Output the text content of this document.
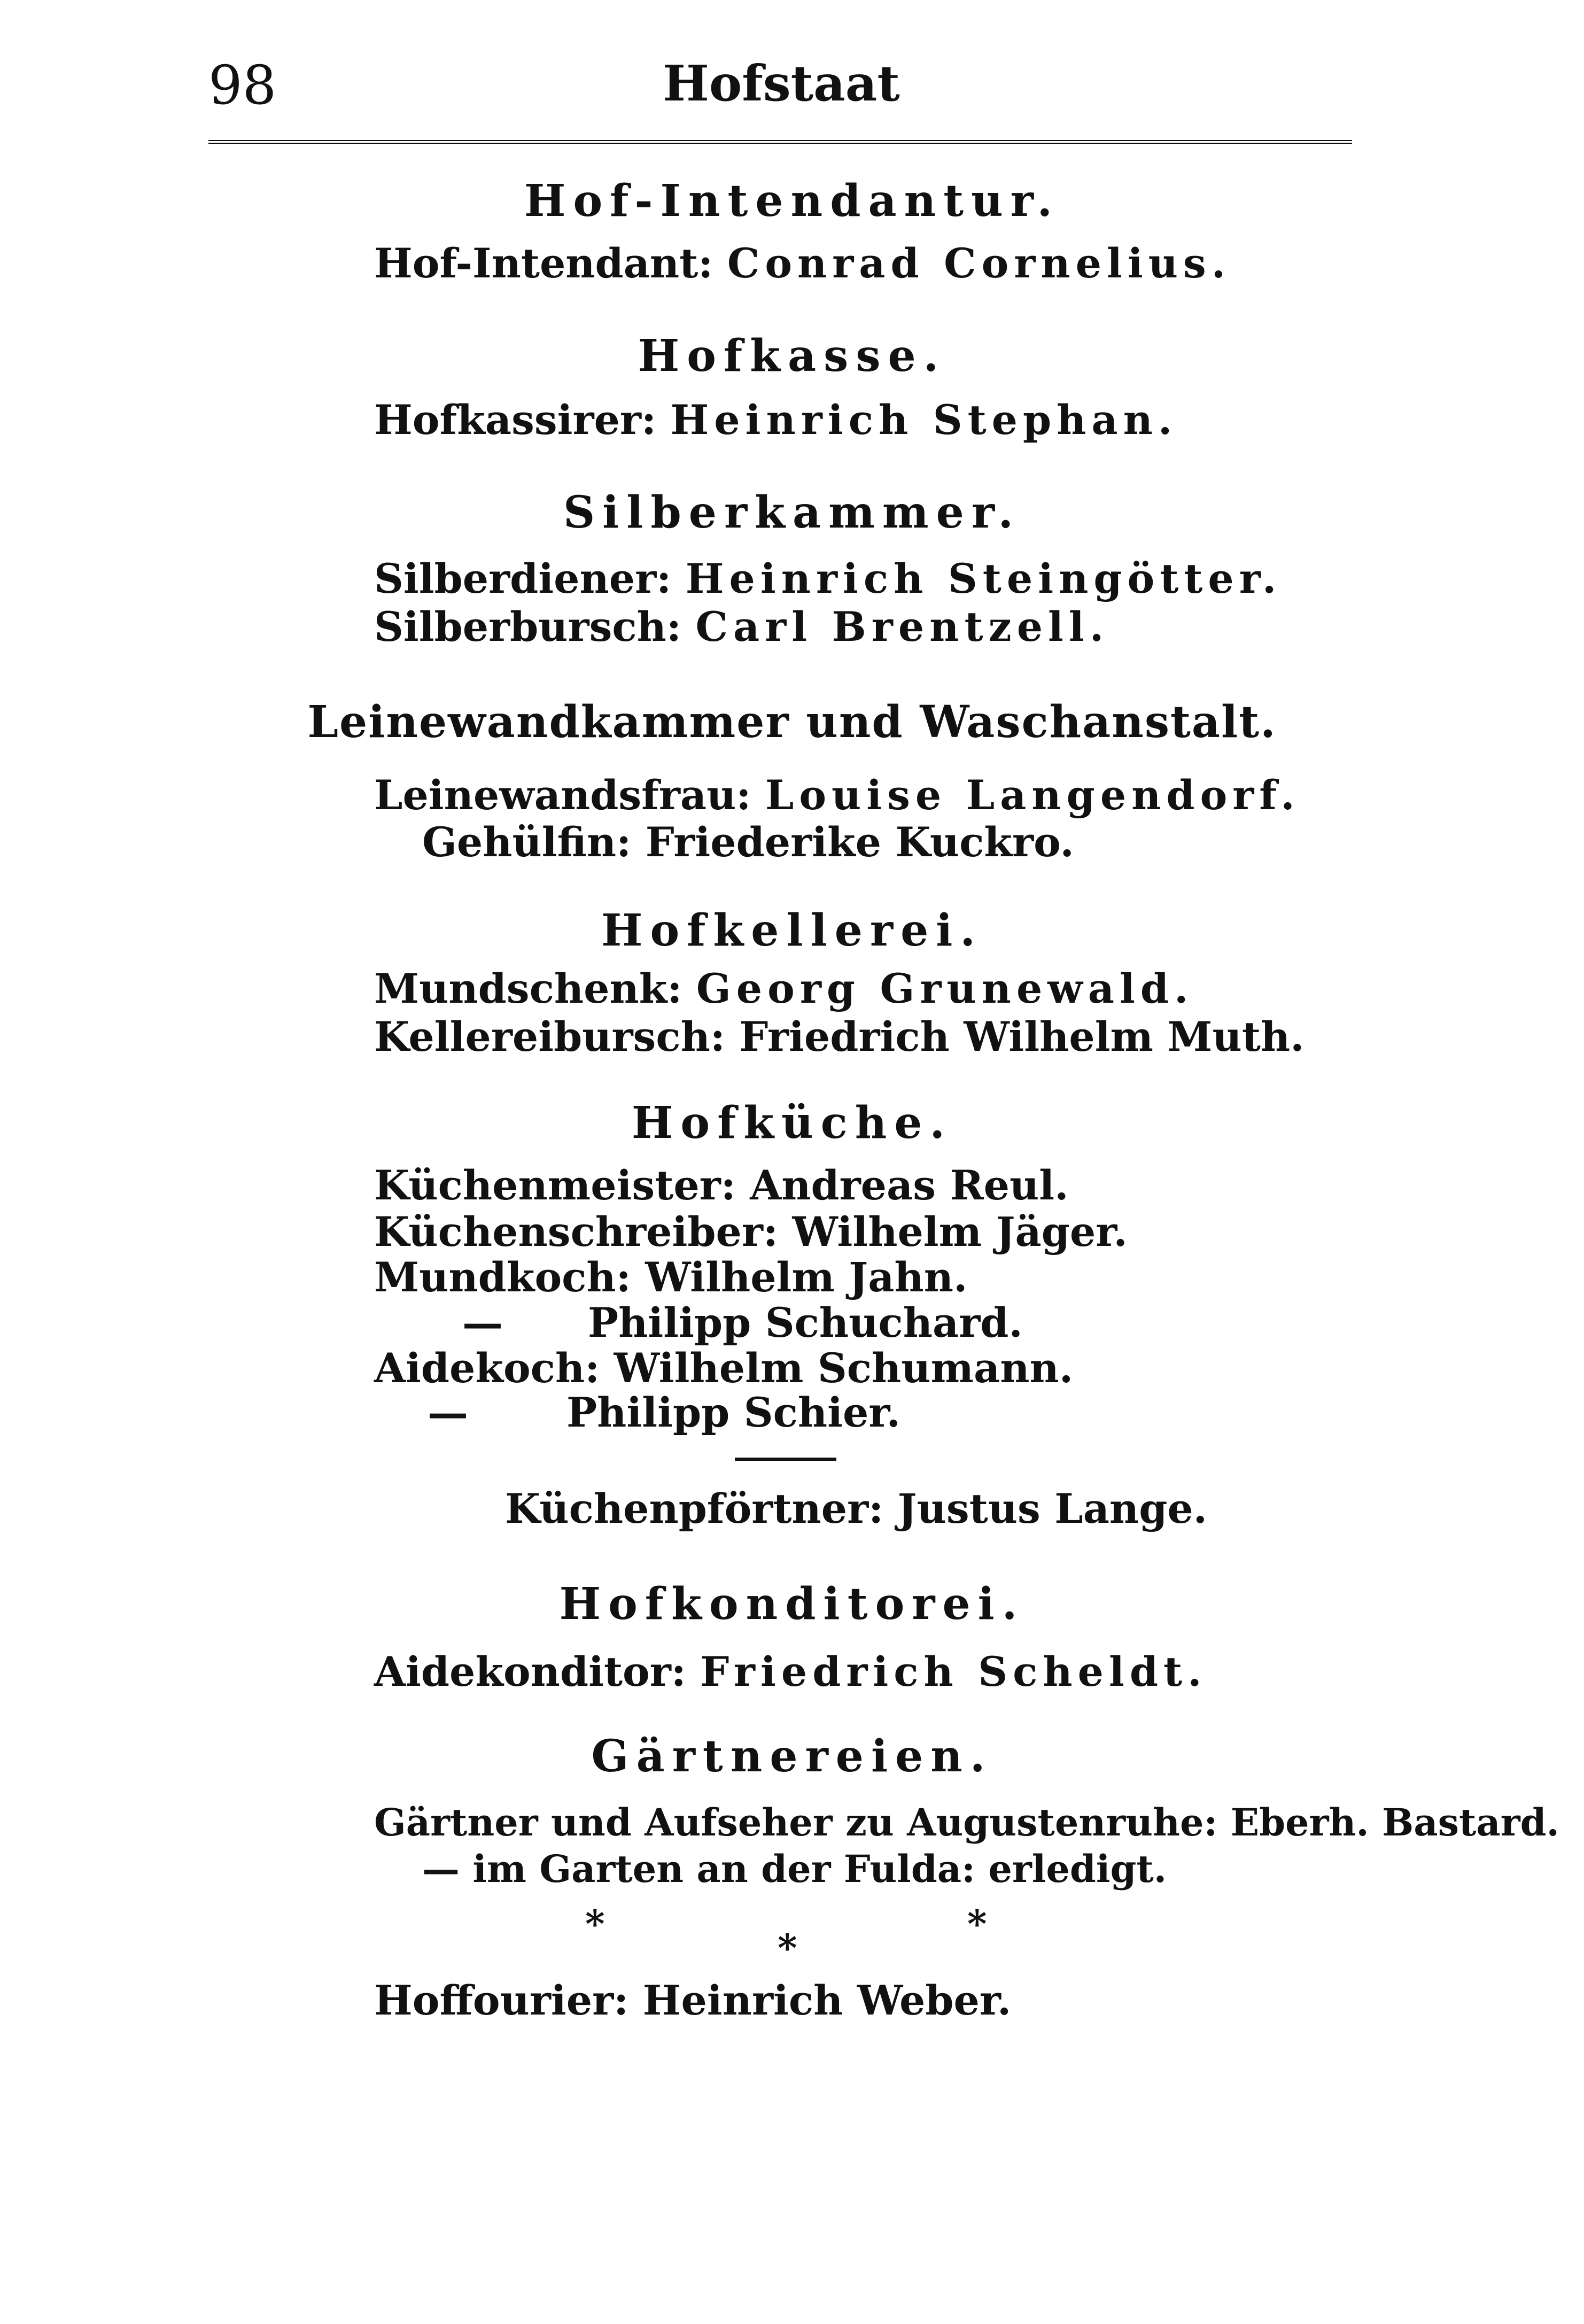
98	Hofstaat
Hof-Intendantur.
Hof-Intendant: Conrad Cornelius.
Hofkasse.
Hofkassirer: Heinrich Stephan.
Silberkammer.
Silberdiener: Heinrich Steingötter.
Silberbursch: Carl Brentzell.
Leinewandkammer und Waschanstalt.
Leinewandsfrau: Louise Langendorf.
Gehülfin: Friederike Kuckro.
Hofkellerei.
Mundschenk: Georg Grunewald.
Kellereibursch: Friedrich Wilhelm Muth.
Hofküche.
Küchenmeister: Andreas Reul.
Küchenschreiber: Wilhelm Jäger.
Mundkoch: Wilhelm Jahn.
— Philipp Schuchard.
Aidekoch: Wilhelm Schumann.
— Philipp Schier.
Küchenpförtner: Justus Lange.
Hofkonditorei.
Aidekonditor: Friedrich Scheldt.
Gärtnereien.
Gärtner und Aufseher zu Augustenruhe: Eberh. Bastard.
— im Garten an der Fulda: erledigt.
*
*
*
Hoffourier: Heinrich Weber.
